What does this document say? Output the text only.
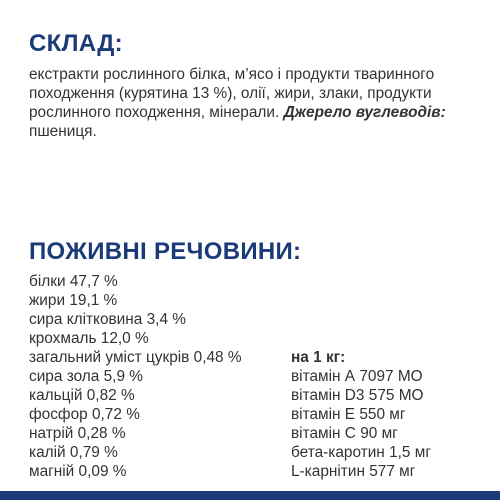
СКЛАД:

екстракти рослинного білка, м’ясо і продукти тваринного походження (курятина 13 %), олії, жири, злаки, продукти рослинного походження, мінерали. Джерело вуглеводів: пшениця.

ПОЖИВНІ РЕЧОВИНИ:
білки 47,7 %
жири 19,1 %
сира клітковина 3,4 %
крохмаль 12,0 %
загальний уміст цукрів 0,48 %
сира зола 5,9 %
кальцій 0,82 %
фосфор 0,72 %
натрій 0,28 %
калій 0,79 %
магній 0,09 %
на 1 кг:
вітамін А 7097 МО
вітамін D3 575 МО
вітамін Е 550 мг
вітамін С 90 мг
бета-каротин 1,5 мг
L-карнітин 577 мг
